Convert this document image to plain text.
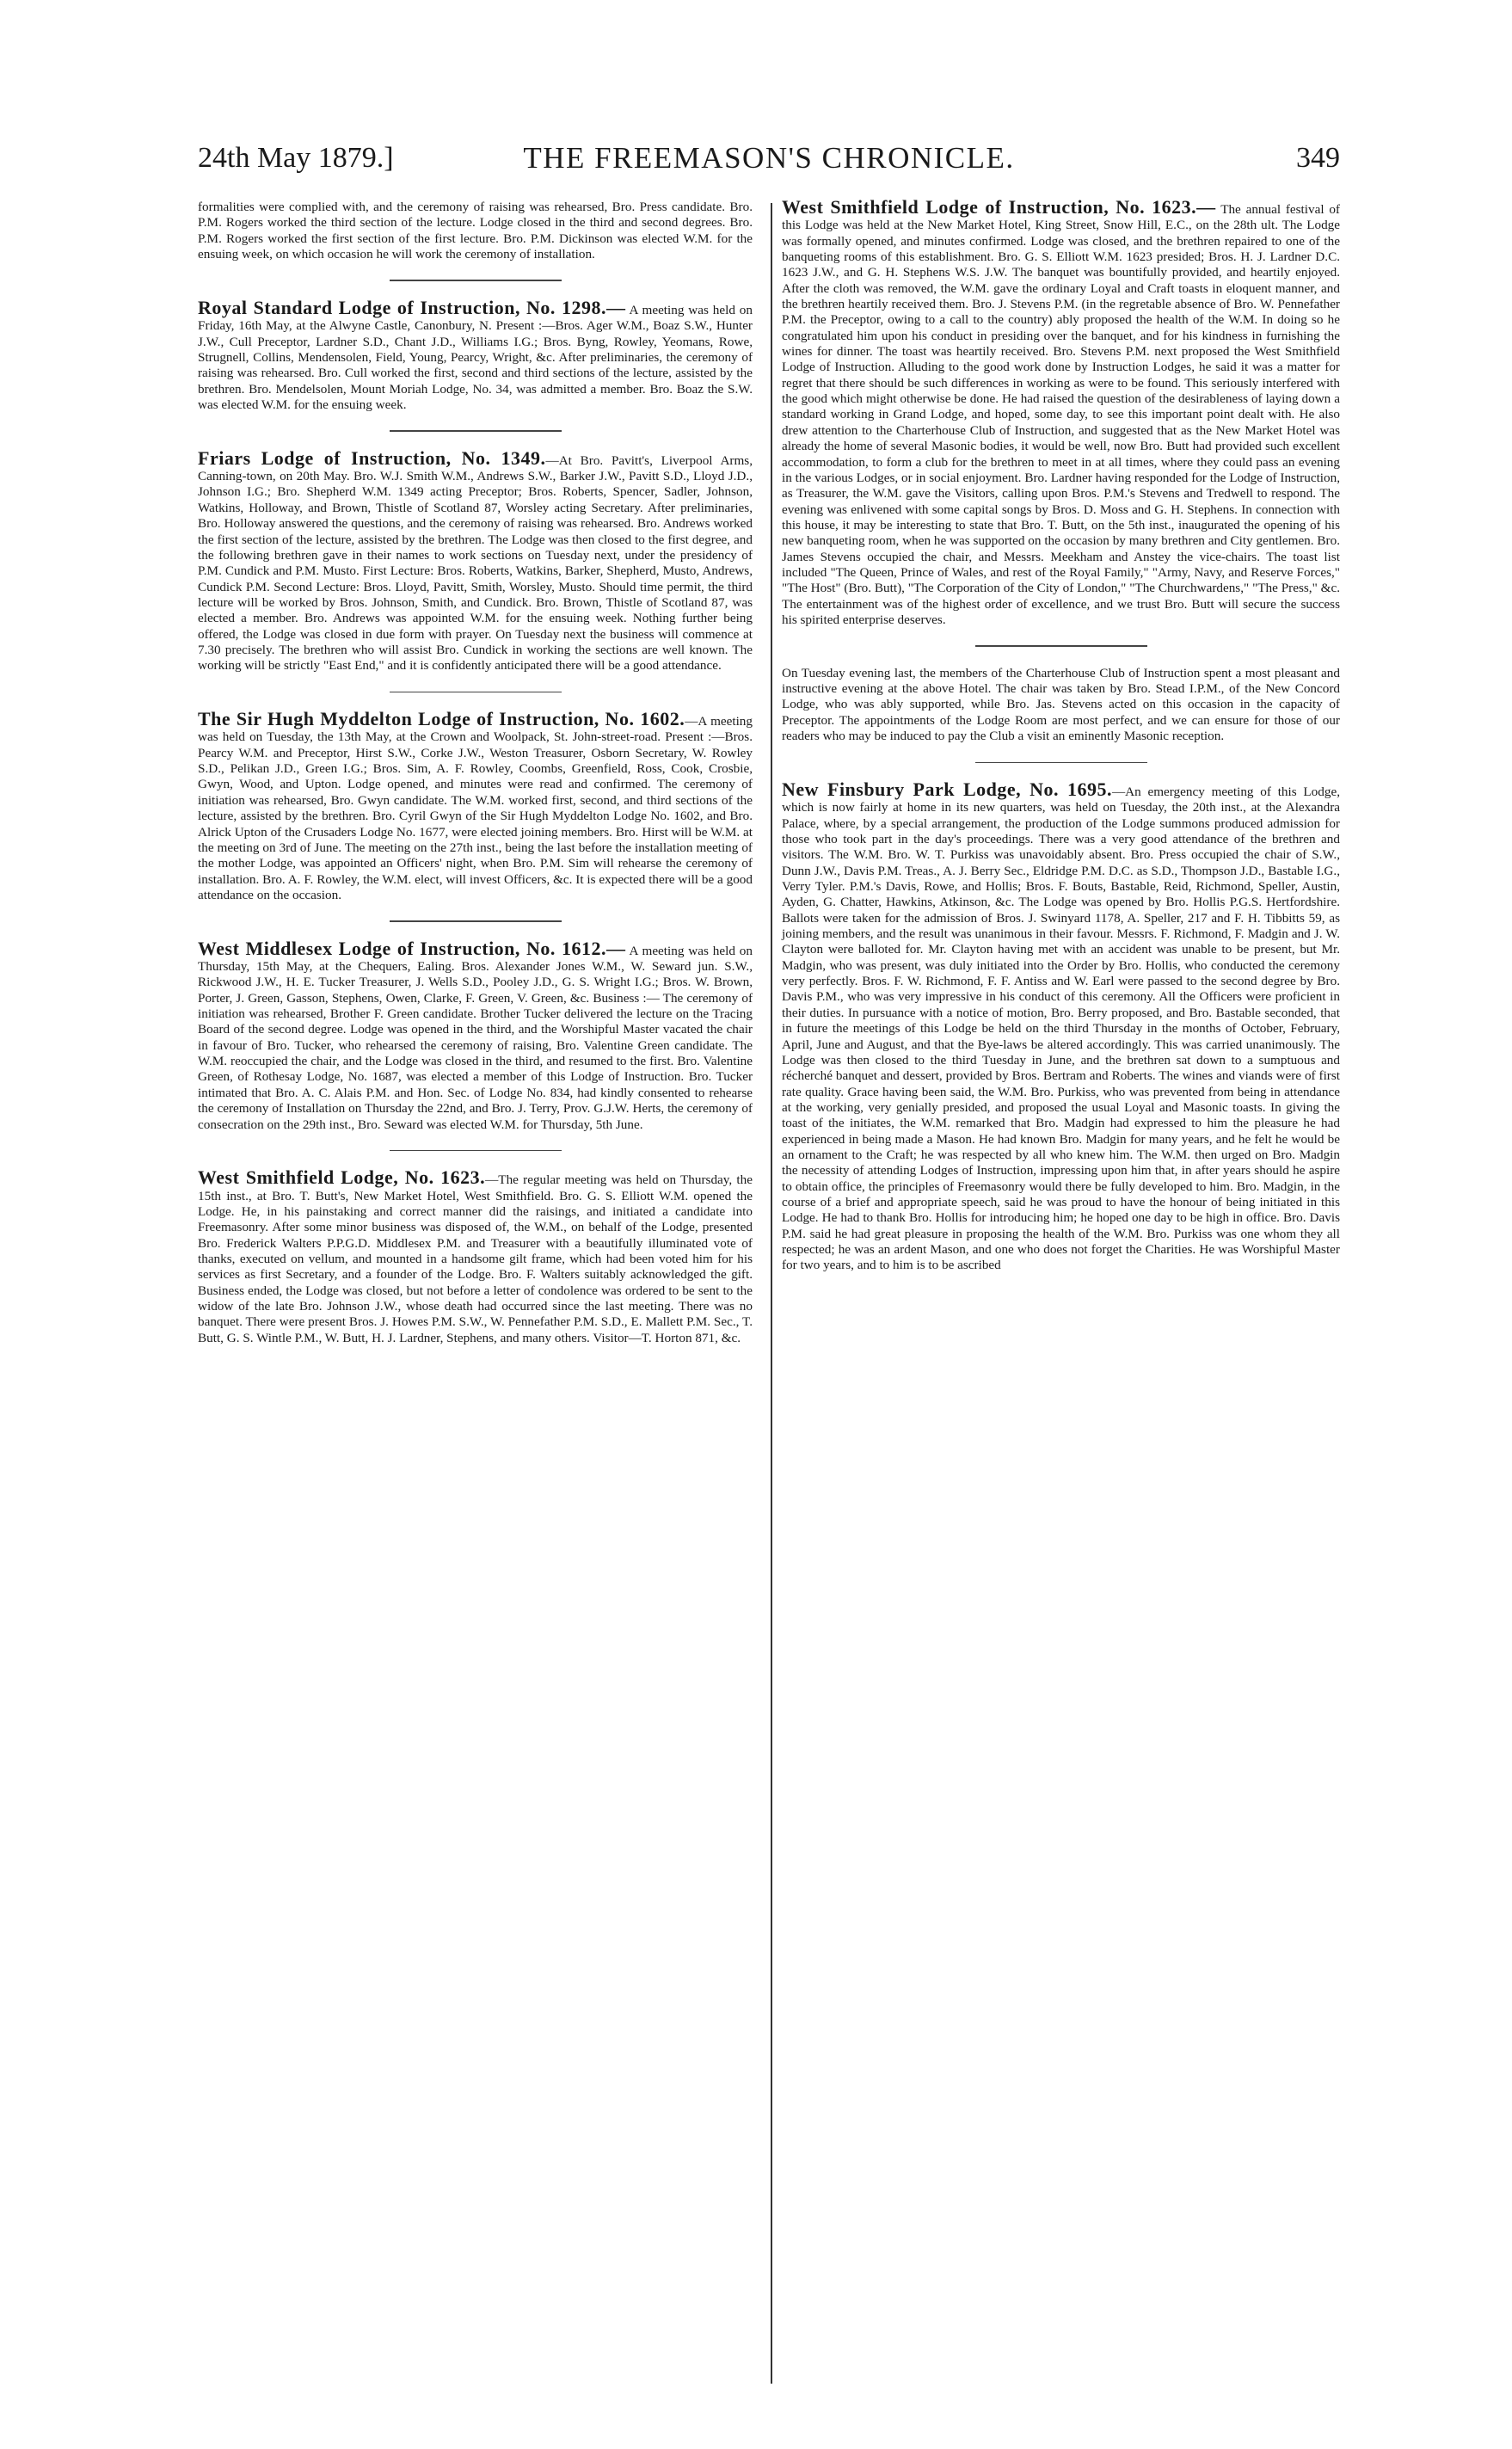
24th May 1879.]	THE FREEMASON'S CHRONICLE.	349

formalities were complied with, and the ceremony of raising was rehearsed, Bro. Press candidate. Bro. P.M. Rogers worked the third section of the lecture. Lodge closed in the third and second degrees. Bro. P.M. Rogers worked the first section of the first lecture. Bro. P.M. Dickinson was elected W.M. for the ensuing week, on which occasion he will work the ceremony of installation.

Royal Standard Lodge of Instruction, No. 1298.— A meeting was held on Friday, 16th May, at the Alwyne Castle, Canonbury, N. Present :—Bros. Ager W.M., Boaz S.W., Hunter J.W., Cull Preceptor, Lardner S.D., Chant J.D., Williams I.G.; Bros. Byng, Rowley, Yeomans, Rowe, Strugnell, Collins, Mendensolen, Field, Young, Pearcy, Wright, &c. After preliminaries, the ceremony of raising was rehearsed. Bro. Cull worked the first, second and third sections of the lecture, assisted by the brethren. Bro. Mendelsolen, Mount Moriah Lodge, No. 34, was admitted a member. Bro. Boaz the S.W. was elected W.M. for the ensuing week.

Friars Lodge of Instruction, No. 1349.—At Bro. Pavitt's, Liverpool Arms, Canning-town, on 20th May. Bro. W.J. Smith W.M., Andrews S.W., Barker J.W., Pavitt S.D., Lloyd J.D., Johnson I.G.; Bro. Shepherd W.M. 1349 acting Preceptor; Bros. Roberts, Spencer, Sadler, Johnson, Watkins, Holloway, and Brown, Thistle of Scotland 87, Worsley acting Secretary. After preliminaries, Bro. Holloway answered the questions, and the ceremony of raising was rehearsed. Bro. Andrews worked the first section of the lecture, assisted by the brethren. The Lodge was then closed to the first degree, and the following brethren gave in their names to work sections on Tuesday next, under the presidency of P.M. Cundick and P.M. Musto. First Lecture: Bros. Roberts, Watkins, Barker, Shepherd, Musto, Andrews, Cundick P.M. Second Lecture: Bros. Lloyd, Pavitt, Smith, Worsley, Musto. Should time permit, the third lecture will be worked by Bros. Johnson, Smith, and Cundick. Bro. Brown, Thistle of Scotland 87, was elected a member. Bro. Andrews was appointed W.M. for the ensuing week. Nothing further being offered, the Lodge was closed in due form with prayer. On Tuesday next the business will commence at 7.30 precisely. The brethren who will assist Bro. Cundick in working the sections are well known. The working will be strictly "East End," and it is confidently anticipated there will be a good attendance.

The Sir Hugh Myddelton Lodge of Instruction, No. 1602.—A meeting was held on Tuesday, the 13th May, at the Crown and Woolpack, St. John-street-road. Present :—Bros. Pearcy W.M. and Preceptor, Hirst S.W., Corke J.W., Weston Treasurer, Osborn Secretary, W. Rowley S.D., Pelikan J.D., Green I.G.; Bros. Sim, A. F. Rowley, Coombs, Greenfield, Ross, Cook, Crosbie, Gwyn, Wood, and Upton. Lodge opened, and minutes were read and confirmed. The ceremony of initiation was rehearsed, Bro. Gwyn candidate. The W.M. worked first, second, and third sections of the lecture, assisted by the brethren. Bro. Cyril Gwyn of the Sir Hugh Myddelton Lodge No. 1602, and Bro. Alrick Upton of the Crusaders Lodge No. 1677, were elected joining members. Bro. Hirst will be W.M. at the meeting on 3rd of June. The meeting on the 27th inst., being the last before the installation meeting of the mother Lodge, was appointed an Officers' night, when Bro. P.M. Sim will rehearse the ceremony of installation. Bro. A. F. Rowley, the W.M. elect, will invest Officers, &c. It is expected there will be a good attendance on the occasion.

West Middlesex Lodge of Instruction, No. 1612.— A meeting was held on Thursday, 15th May, at the Chequers, Ealing. Bros. Alexander Jones W.M., W. Seward jun. S.W., Rickwood J.W., H. E. Tucker Treasurer, J. Wells S.D., Pooley J.D., G. S. Wright I.G.; Bros. W. Brown, Porter, J. Green, Gasson, Stephens, Owen, Clarke, F. Green, V. Green, &c. Business :— The ceremony of initiation was rehearsed, Brother F. Green candidate. Brother Tucker delivered the lecture on the Tracing Board of the second degree. Lodge was opened in the third, and the Worshipful Master vacated the chair in favour of Bro. Tucker, who rehearsed the ceremony of raising, Bro. Valentine Green candidate. The W.M. reoccupied the chair, and the Lodge was closed in the third, and resumed to the first. Bro. Valentine Green, of Rothesay Lodge, No. 1687, was elected a member of this Lodge of Instruction. Bro. Tucker intimated that Bro. A. C. Alais P.M. and Hon. Sec. of Lodge No. 834, had kindly consented to rehearse the ceremony of Installation on Thursday the 22nd, and Bro. J. Terry, Prov. G.J.W. Herts, the ceremony of consecration on the 29th inst., Bro. Seward was elected W.M. for Thursday, 5th June.

West Smithfield Lodge, No. 1623.—The regular meeting was held on Thursday, the 15th inst., at Bro. T. Butt's, New Market Hotel, West Smithfield. Bro. G. S. Elliott W.M. opened the Lodge. He, in his painstaking and correct manner did the raisings, and initiated a candidate into Freemasonry. After some minor business was disposed of, the W.M., on behalf of the Lodge, presented Bro. Frederick Walters P.P.G.D. Middlesex P.M. and Treasurer with a beautifully illuminated vote of thanks, executed on vellum, and mounted in a handsome gilt frame, which had been voted him for his services as first Secretary, and a founder of the Lodge. Bro. F. Walters suitably acknowledged the gift. Business ended, the Lodge was closed, but not before a letter of condolence was ordered to be sent to the widow of the late Bro. Johnson J.W., whose death had occurred since the last meeting. There was no banquet. There were present Bros. J. Howes P.M. S.W., W. Pennefather P.M. S.D., E. Mallett P.M. Sec., T. Butt, G. S. Wintle P.M., W. Butt, H. J. Lardner, Stephens, and many others. Visitor—T. Horton 871, &c.

West Smithfield Lodge of Instruction, No. 1623.— The annual festival of this Lodge was held at the New Market Hotel, King Street, Snow Hill, E.C., on the 28th ult. The Lodge was formally opened, and minutes confirmed. Lodge was closed, and the brethren repaired to one of the banqueting rooms of this establishment. Bro. G. S. Elliott W.M. 1623 presided; Bros. H. J. Lardner D.C. 1623 J.W., and G. H. Stephens W.S. J.W. The banquet was bountifully provided, and heartily enjoyed. After the cloth was removed, the W.M. gave the ordinary Loyal and Craft toasts in eloquent manner, and the brethren heartily received them. Bro. J. Stevens P.M. (in the regretable absence of Bro. W. Pennefather P.M. the Preceptor, owing to a call to the country) ably proposed the health of the W.M. In doing so he congratulated him upon his conduct in presiding over the banquet, and for his kindness in furnishing the wines for dinner. The toast was heartily received. Bro. Stevens P.M. next proposed the West Smithfield Lodge of Instruction. Alluding to the good work done by Instruction Lodges, he said it was a matter for regret that there should be such differences in working as were to be found. This seriously interfered with the good which might otherwise be done. He had raised the question of the desirableness of laying down a standard working in Grand Lodge, and hoped, some day, to see this important point dealt with. He also drew attention to the Charterhouse Club of Instruction, and suggested that as the New Market Hotel was already the home of several Masonic bodies, it would be well, now Bro. Butt had provided such excellent accommodation, to form a club for the brethren to meet in at all times, where they could pass an evening in the various Lodges, or in social enjoyment. Bro. Lardner having responded for the Lodge of Instruction, as Treasurer, the W.M. gave the Visitors, calling upon Bros. P.M.'s Stevens and Tredwell to respond. The evening was enlivened with some capital songs by Bros. D. Moss and G. H. Stephens. In connection with this house, it may be interesting to state that Bro. T. Butt, on the 5th inst., inaugurated the opening of his new banqueting room, when he was supported on the occasion by many brethren and City gentlemen. Bro. James Stevens occupied the chair, and Messrs. Meekham and Anstey the vice-chairs. The toast list included "The Queen, Prince of Wales, and rest of the Royal Family," "Army, Navy, and Reserve Forces," "The Host" (Bro. Butt), "The Corporation of the City of London," "The Churchwardens," "The Press," &c. The entertainment was of the highest order of excellence, and we trust Bro. Butt will secure the success his spirited enterprise deserves.

On Tuesday evening last, the members of the Charterhouse Club of Instruction spent a most pleasant and instructive evening at the above Hotel. The chair was taken by Bro. Stead I.P.M., of the New Concord Lodge, who was ably supported, while Bro. Jas. Stevens acted on this occasion in the capacity of Preceptor. The appointments of the Lodge Room are most perfect, and we can ensure for those of our readers who may be induced to pay the Club a visit an eminently Masonic reception.

New Finsbury Park Lodge, No. 1695.—An emergency meeting of this Lodge, which is now fairly at home in its new quarters, was held on Tuesday, the 20th inst., at the Alexandra Palace, where, by a special arrangement, the production of the Lodge summons produced admission for those who took part in the day's proceedings. There was a very good attendance of the brethren and visitors. The W.M. Bro. W. T. Purkiss was unavoidably absent. Bro. Press occupied the chair of S.W., Dunn J.W., Davis P.M. Treas., A. J. Berry Sec., Eldridge P.M. D.C. as S.D., Thompson J.D., Bastable I.G., Verry Tyler. P.M.'s Davis, Rowe, and Hollis; Bros. F. Bouts, Bastable, Reid, Richmond, Speller, Austin, Ayden, G. Chatter, Hawkins, Atkinson, &c. The Lodge was opened by Bro. Hollis P.G.S. Hertfordshire. Ballots were taken for the admission of Bros. J. Swinyard 1178, A. Speller, 217 and F. H. Tibbitts 59, as joining members, and the result was unanimous in their favour. Messrs. F. Richmond, F. Madgin and J. W. Clayton were balloted for. Mr. Clayton having met with an accident was unable to be present, but Mr. Madgin, who was present, was duly initiated into the Order by Bro. Hollis, who conducted the ceremony very perfectly. Bros. F. W. Richmond, F. F. Antiss and W. Earl were passed to the second degree by Bro. Davis P.M., who was very impressive in his conduct of this ceremony. All the Officers were proficient in their duties. In pursuance with a notice of motion, Bro. Berry proposed, and Bro. Bastable seconded, that in future the meetings of this Lodge be held on the third Thursday in the months of October, February, April, June and August, and that the Bye-laws be altered accordingly. This was carried unanimously. The Lodge was then closed to the third Tuesday in June, and the brethren sat down to a sumptuous and récherché banquet and dessert, provided by Bros. Bertram and Roberts. The wines and viands were of first rate quality. Grace having been said, the W.M. Bro. Purkiss, who was prevented from being in attendance at the working, very genially presided, and proposed the usual Loyal and Masonic toasts. In giving the toast of the initiates, the W.M. remarked that Bro. Madgin had expressed to him the pleasure he had experienced in being made a Mason. He had known Bro. Madgin for many years, and he felt he would be an ornament to the Craft; he was respected by all who knew him. The W.M. then urged on Bro. Madgin the necessity of attending Lodges of Instruction, impressing upon him that, in after years should he aspire to obtain office, the principles of Freemasonry would there be fully developed to him. Bro. Madgin, in the course of a brief and appropriate speech, said he was proud to have the honour of being initiated in this Lodge. He had to thank Bro. Hollis for introducing him; he hoped one day to be high in office. Bro. Davis P.M. said he had great pleasure in proposing the health of the W.M. Bro. Purkiss was one whom they all respected; he was an ardent Mason, and one who does not forget the Charities. He was Worshipful Master for two years, and to him is to be ascribed
